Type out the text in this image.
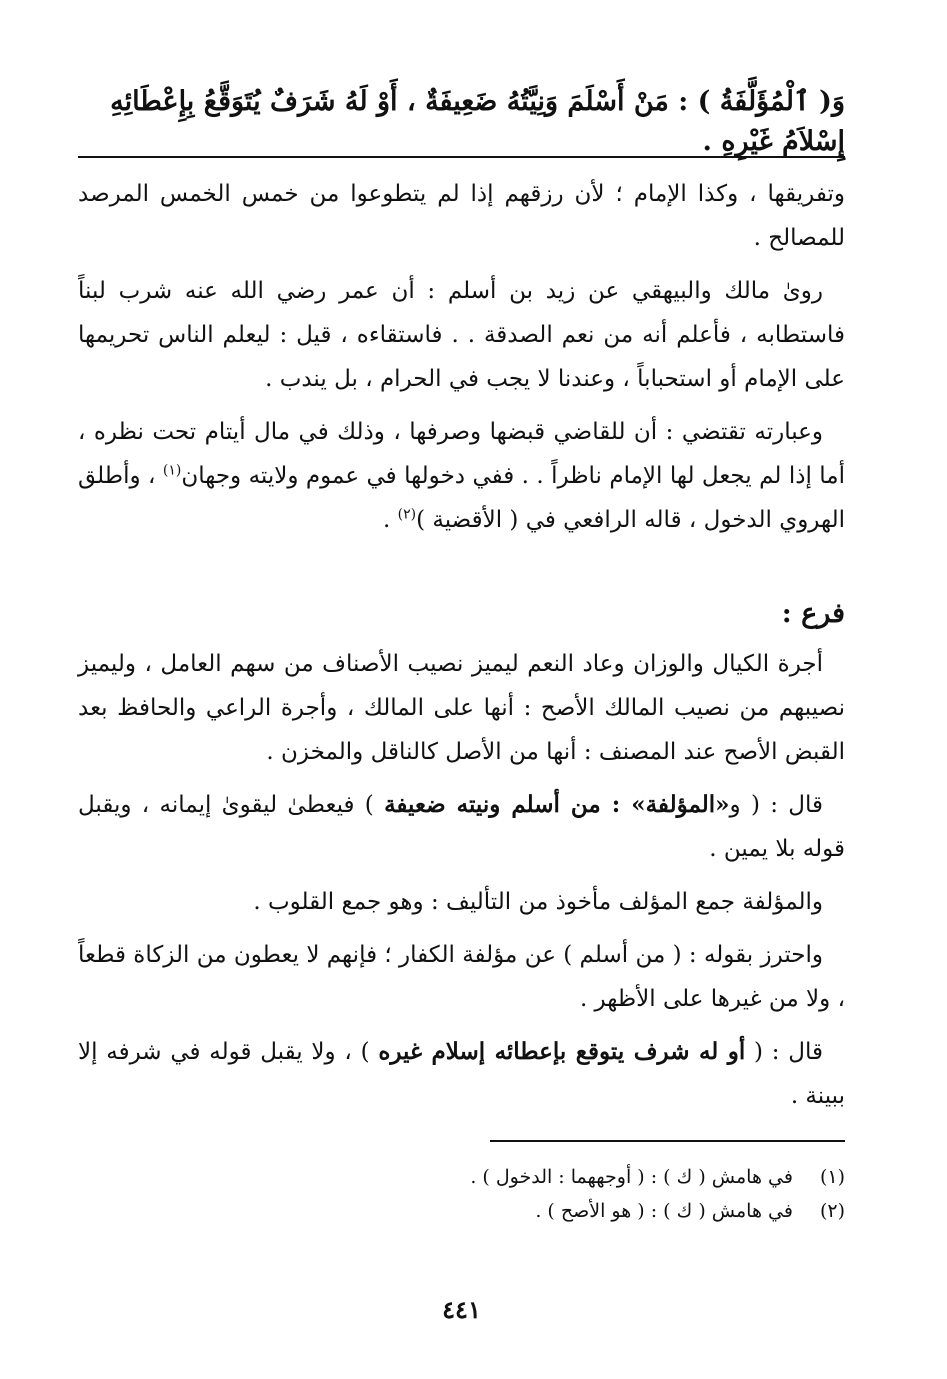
وَ( ٱلْمُؤَلَّفَةُ ) : مَنْ أَسْلَمَ وَنِيَّتُهُ ضَعِيفَةٌ ، أَوْ لَهُ شَرَفٌ يُتَوَقَّعُ بِإِعْطَائِهِ إِسْلاَمُ غَيْرِهِ .

وتفريقها ، وكذا الإمام ؛ لأن رزقهم إذا لم يتطوعوا من خمس الخمس المرصد للمصالح .

روىٰ مالك والبيهقي عن زيد بن أسلم : أن عمر رضي الله عنه شرب لبناً فاستطابه ، فأعلم أنه من نعم الصدقة . . فاستقاءه ، قيل : ليعلم الناس تحريمها على الإمام أو استحباباً ، وعندنا لا يجب في الحرام ، بل يندب .

وعبارته تقتضي : أن للقاضي قبضها وصرفها ، وذلك في مال أيتام تحت نظره ، أما إذا لم يجعل لها الإمام ناظراً . . ففي دخولها في عموم ولايته وجهان$^{(١)}$ ، وأطلق الهروي الدخول ، قاله الرافعي في ( الأقضية )$^{(٢)}$ .

فرع :

أجرة الكيال والوزان وعاد النعم ليميز نصيب الأصناف من سهم العامل ، وليميز نصيبهم من نصيب المالك الأصح : أنها على المالك ، وأجرة الراعي والحافظ بعد القبض الأصح عند المصنف : أنها من الأصل كالناقل والمخزن .

قال : ( و«المؤلفة» : من أسلم ونيته ضعيفة ) فيعطىٰ ليقوىٰ إيمانه ، ويقبل قوله بلا يمين .

والمؤلفة جمع المؤلف مأخوذ من التأليف : وهو جمع القلوب .

واحترز بقوله : ( من أسلم ) عن مؤلفة الكفار ؛ فإنهم لا يعطون من الزكاة قطعاً ، ولا من غيرها على الأظهر .

قال : ( أو له شرف يتوقع بإعطائه إسلام غيره ) ، ولا يقبل قوله في شرفه إلا ببينة .

(١) في هامش ( ك ) : ( أوجههما : الدخول ) .
(٢) في هامش ( ك ) : ( هو الأصح ) .
٤٤١
